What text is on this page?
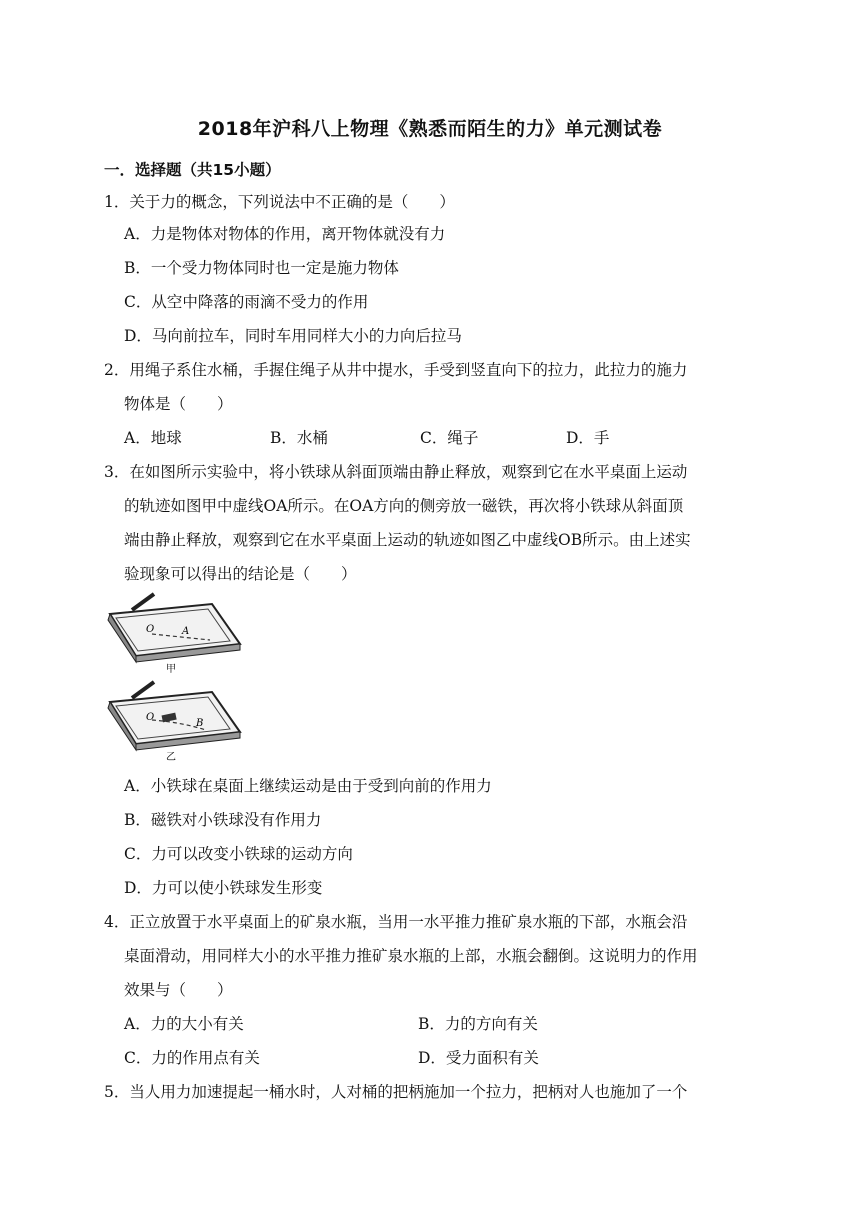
2018年沪科八上物理《熟悉而陌生的力》单元测试卷
一．选择题（共15小题）
1．关于力的概念，下列说法中不正确的是（　　）
A．力是物体对物体的作用，离开物体就没有力
B．一个受力物体同时也一定是施力物体
C．从空中降落的雨滴不受力的作用
D．马向前拉车，同时车用同样大小的力向后拉马
2．用绳子系住水桶，手握住绳子从井中提水，手受到竖直向下的拉力，此拉力的施力
物体是（　　）
A．地球	B．水桶	C．绳子	D．手
3．在如图所示实验中，将小铁球从斜面顶端由静止释放，观察到它在水平桌面上运动
的轨迹如图甲中虚线OA所示。在OA方向的侧旁放一磁铁，再次将小铁球从斜面顶
端由静止释放，观察到它在水平桌面上运动的轨迹如图乙中虚线OB所示。由上述实
验现象可以得出的结论是（　　）
O	A
甲
O
B
乙
A．小铁球在桌面上继续运动是由于受到向前的作用力
B．磁铁对小铁球没有作用力
C．力可以改变小铁球的运动方向
D．力可以使小铁球发生形变
4．正立放置于水平桌面上的矿泉水瓶，当用一水平推力推矿泉水瓶的下部，水瓶会沿
桌面滑动，用同样大小的水平推力推矿泉水瓶的上部，水瓶会翻倒。这说明力的作用
效果与（　　）
A．力的大小有关	B．力的方向有关
C．力的作用点有关	D．受力面积有关
5．当人用力加速提起一桶水时，人对桶的把柄施加一个拉力，把柄对人也施加了一个
